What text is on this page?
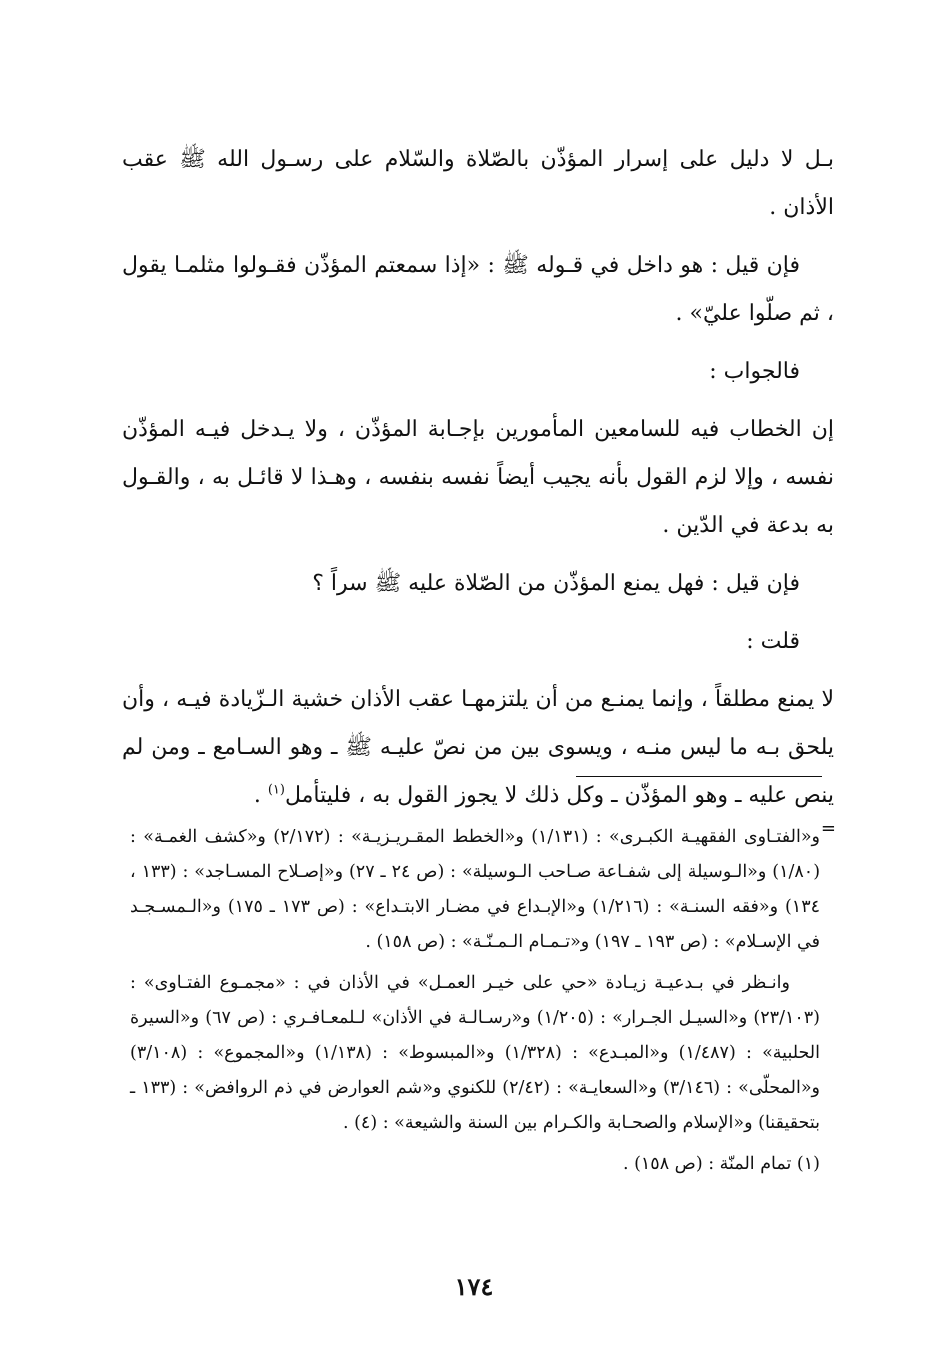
بـل لا دليل على إسرار المؤذّن بالصّلاة والسّلام على رسـول الله ﷺ عقب الأذان .

فإن قيل : هو داخل في قـوله ﷺ : «إذا سمعتم المؤذّن فقـولوا مثلمـا يقول ، ثم صلّوا عليّ» .

فالجواب :

إن الخطاب فيه للسامعين المأمورين بإجـابة المؤذّن ، ولا يـدخل فيـه المؤذّن نفسه ، وإلا لزم القول بأنه يجيب أيضاً نفسه بنفسه ، وهـذا لا قائـل به ، والقـول به بدعة في الدّين .

فإن قيل : فهل يمنع المؤذّن من الصّلاة عليه ﷺ سراً ؟

قلت :

لا يمنع مطلقاً ، وإنما يمنـع من أن يلتزمهـا عقب الأذان خشية الـزّيادة فيـه ، وأن يلحق بـه ما ليس منـه ، ويسوى بين من نصّ عليـه ﷺ ـ وهو السـامع ـ ومن لم ينص عليه ـ وهو المؤذّن ـ وكل ذلك لا يجوز القول به ، فليتأمل$^{(١)}$ .

=

و«الفتـاوى الفقهيـة الكبـرى» : (١/١٣١) و«الخطط المقـريـزيـة» : (٢/١٧٢) و«كشف الغمـة» : (١/٨٠) و«الـوسيلة إلى شفـاعة صـاحب الـوسيلة» : (ص ٢٤ ـ ٢٧) و«إصـلاح المسـاجد» : (١٣٣ ، ١٣٤) و«فقه السنـة» : (١/٢١٦) و«الإبـداع في مضـار الابتـداع» : (ص ١٧٣ ـ ١٧٥) و«الـمسـجـد في الإسـلام» : (ص ١٩٣ ـ ١٩٧) و«تـمـام الـمـنّـة» : (ص ١٥٨) .

وانـظر في بـدعيـة زيـادة «حي على خيـر العمـل» في الأذان في : «مجمـوع الفتـاوى» : (٢٣/١٠٣) و«السيـل الجـرار» : (١/٢٠٥) و«رسـالـة في الأذان» لـلمعـافـري : (ص ٦٧) و«السيرة الحلبية» : (١/٤٨٧) و«المبـدع» : (١/٣٢٨) و«المبسوط» : (١/١٣٨) و«المجموع» : (٣/١٠٨) و«المحلّى» : (٣/١٤٦) و«السعايـة» : (٢/٤٢) للكنوي و«شم العوارض في ذم الروافض» : (١٣٣ ـ بتحقيقنا) و«الإسلام والصحـابة والكـرام بين السنة والشيعة» : (٤) .

(١) تمام المنّة : (ص ١٥٨) .

١٧٤
